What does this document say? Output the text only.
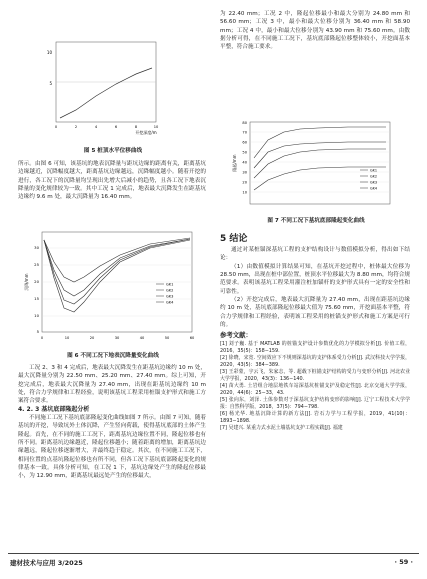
5
10
0	2	4	6	8	10
开挖深度/m
图 5 桩顶水平位移曲线

所示。由图 6 可知，该基坑的地表沉降量与距坑边缘的距离有关，距离基坑边缘越近，沉降幅度越大，距离基坑边缘越远，沉降幅度越小。随着开挖的进行，各工况下的沉降量均呈现出先增大后减小的趋势，且各工况下地表沉降量的变化规律较为一致。其中工况 1 完成后，地表最大沉降发生在距基坑边缘约 9.6 m 处，最大沉降量为 16.40 mm。

5
10
15
20
25
30
沉降/mm
0	10	20	30	40	50	60
GK1
GK2
GK3
GK4
图 6 不同工况下地表沉降量变化曲线

工况 2、3 和 4 完成后，地表最大沉降发生在距基坑边缘约 10 m 处，最大沉降量分别为 22.50 mm、25.20 mm、27.40 mm。综上可知，开挖完成后，地表最大沉降量为 27.40 mm，出现在距基坑边缘约 10 m 处，符合力学规律和工程经验，说明该基坑工程采用桩锚支护形式和施工方案符合要求。

4. 2. 3 基坑底部隆起分析

不同施工工况下基坑底部隆起变化曲线如图 7 所示。由图 7 可知，随着基坑的开挖，导致坑外土体沉降，产生竖向荷载，使得基坑底部的土体产生隆起。首先，在不同的施工工况下，距离基坑边缘位置不同，隆起位移也有所不同。距离基坑边缘越近，隆起位移越小；随着距离的增加，距离基坑边缘越远，隆起位移逐渐增大，并最终趋于稳定。其次，在不同施工工况下，相同位置的点基坑隆起位移也有所不同，但各工况下基坑底部隆起变化的规律基本一致。具体分析可知，在工况 1 下，基坑边缘处产生的隆起位移最小，为 12.90 mm，距离基坑最远处产生的位移最大，

为 22.40 mm；工况 2 中，隆起位移最小和最大分别为 24.80 mm 和 56.60 mm；工况 3 中，最小和最大位移分别为 36.40 mm 和 58.90 mm；工况 4 中，最小和最大位移分别为 43.90 mm 和 75.60 mm。由数据分析可得，在不同施工工况下，基坑底部隆起位移整体较小，开挖面基本平整，符合施工要求。

10
20
30
40
50
60
70
80
隆起/mm	GK1
GK2
GK3
GK4
图 7 不同工况下基坑底部隆起变化曲线

5 结论

通过对某桩锚深基坑工程的支护结构设计与数值模拟分析，得出如下结论：

（1）由数值模拟计算结果可知，在基坑开挖过程中，桩体最大位移为 28.50 mm，出现在桩中部位置，桩顶水平位移最大为 8.80 mm，均符合规范要求。表明该基坑工程采用灌注桩加锚杆的支护形式具有一定的安全性和可靠性。

（2）开挖完成后，地表最大沉降量为 27.40 mm，出现在距基坑边缘约 10 m 处，基坑底部隆起位移最大值为 75.60 mm，开挖面基本平整，符合力学规律和工程经验，表明该工程采用的桩锚支护形式和施工方案是可行的。

参考文献：

[1] 刘子巍. 基于 MATLAB 的桩锚支护设计参数优化的力学模拟分析[J]. 价值工程，2016，35(5)：158−159.

[2] 徐晓，宋宽. 空间效应下不规则深基坑的支护体系受力分析[J]. 武汉科技大学学报，2020，43(5)：384−389.

[3] 王彩蒙，宇云飞，朱家志，等. 超载下桩锚支护结构的受力与变形分析[J]. 河北农业大学学报，2020，43(3)：136−140.

[4] 苗大勇. 土岩组合地层地铁车站深基坑桩锚支护及稳定性[J]. 北京交通大学学报，2020，44(6)：25−33，43.

[5] 张向东，刘泽. 土体参数对于深基坑支护结构变形的影响[J]. 辽宁工程技术大学学报：自然科学版，2018，37(5)：794−798.

[6] 杨光华. 地基沉降计算的新方法[J]. 岩石力学与工程学报，2019，41(10)：1893−1898.

[7] 吴建兴. 某重力式水泥土墙基坑支护工程实践[J]. 福建

建材技术与应用 3/2025	· 59 ·
